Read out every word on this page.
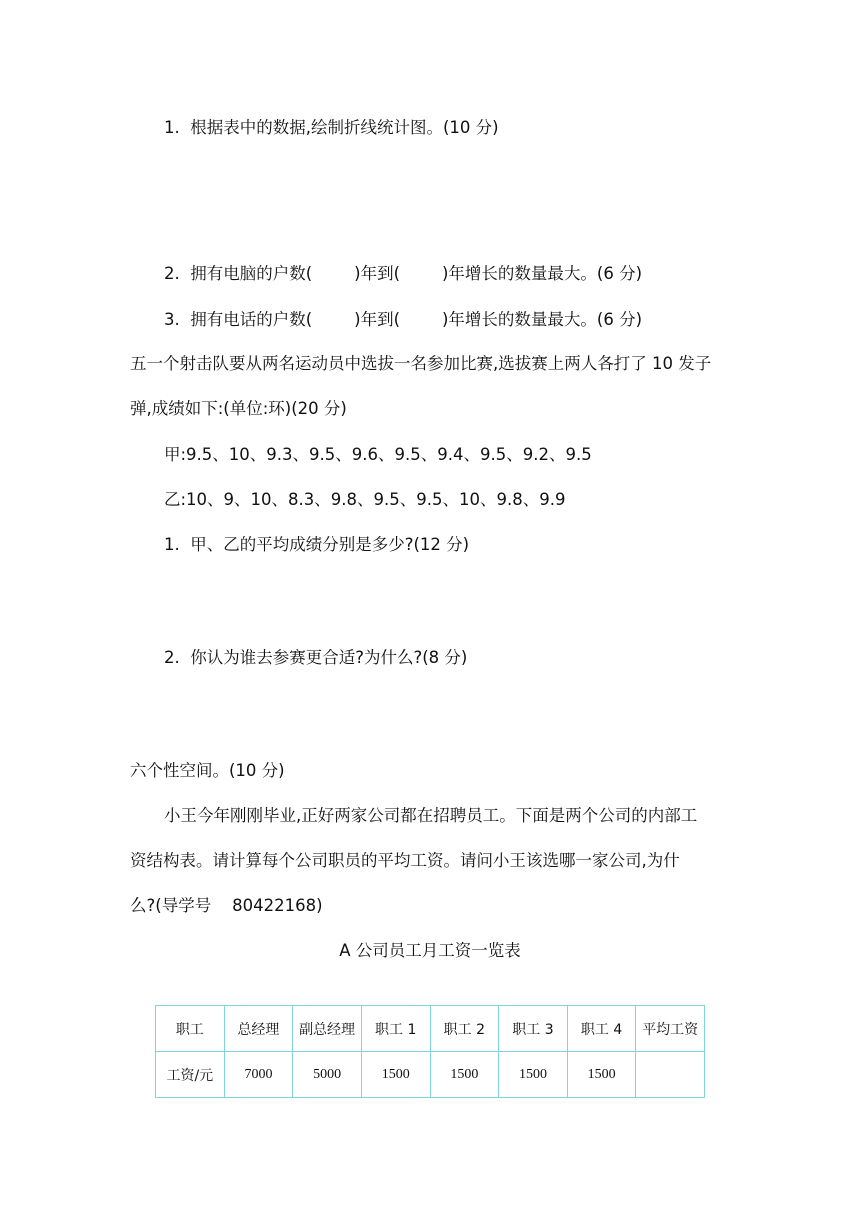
1.  根据表中的数据,绘制折线统计图。(10 分)
2.  拥有电脑的户数(        )年到(        )年增长的数量最大。(6 分)
3.  拥有电话的户数(        )年到(        )年增长的数量最大。(6 分)
五一个射击队要从两名运动员中选拔一名参加比赛,选拔赛上两人各打了 10 发子
弹,成绩如下:(单位:环)(20 分)
甲:9.5、10、9.3、9.5、9.6、9.5、9.4、9.5、9.2、9.5
乙:10、9、10、8.3、9.8、9.5、9.5、10、9.8、9.9
1.  甲、乙的平均成绩分别是多少?(12 分)
2.  你认为谁去参赛更合适?为什么?(8 分)
六个性空间。(10 分)
小王今年刚刚毕业,正好两家公司都在招聘员工。下面是两个公司的内部工
资结构表。请计算每个公司职员的平均工资。请问小王该选哪一家公司,为什
么?(导学号    80422168)
A 公司员工月工资一览表
职工	总经理	副总经理	职工 1	职工 2	职工 3	职工 4	平均工资
工资/元	7000	5000	1500	1500	1500	1500	
